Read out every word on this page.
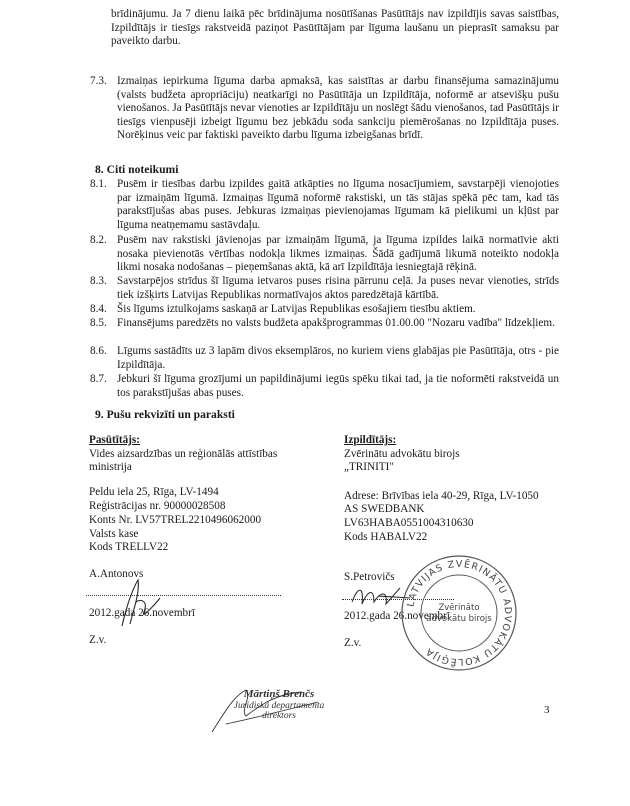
brīdinājumu. Ja 7 dienu laikā pēc brīdinājuma nosūtīšanas Pasūtītājs nav izpildījis savas saistības, Izpildītājs ir tiesīgs rakstveidā paziņot Pasūtītājam par līguma laušanu un pieprasīt samaksu par paveikto darbu.
7.3. Izmaiņas iepirkuma līguma darba apmaksā, kas saistītas ar darbu finansējuma samazinājumu (valsts budžeta apropriāciju) neatkarīgi no Pasūtītāja un Izpildītāja, noformē ar atsevišķu pušu vienošanos. Ja Pasūtītājs nevar vienoties ar Izpildītāju un noslēgt šādu vienošanos, tad Pasūtītājs ir tiesīgs vienpusēji izbeigt līgumu bez jebkādu soda sankciju piemērošanas no Izpildītāja puses. Norēķinus veic par faktiski paveikto darbu līguma izbeigšanas brīdī.
8. Citi noteikumi
8.1. Pusēm ir tiesības darbu izpildes gaitā atkāpties no līguma nosacījumiem, savstarpēji vienojoties par izmaiņām līgumā. Izmaiņas līgumā noformē rakstiski, un tās stājas spēkā pēc tam, kad tās parakstījušas abas puses. Jebkuras izmaiņas pievienojamas līgumam kā pielikumi un kļūst par līguma neatņemamu sastāvdaļu.
8.2. Pusēm nav rakstiski jāvienojas par izmaiņām līgumā, ja līguma izpildes laikā normatīvie akti nosaka pievienotās vērtības nodokļa likmes izmaiņas. Šādā gadījumā likumā noteikto nodokļa likmi nosaka nodošanas – pieņemšanas aktā, kā arī Izpildītāja iesniegtajā rēķinā.
8.3. Savstarpējos strīdus šī līguma ietvaros puses risina pārrunu ceļā. Ja puses nevar vienoties, strīds tiek izšķirts Latvijas Republikas normatīvajos aktos paredzētajā kārtībā.
8.4. Šis līgums iztulkojams saskaņā ar Latvijas Republikas esošajiem tiesību aktiem.
8.5. Finansējums paredzēts no valsts budžeta apakšprogrammas 01.00.00 "Nozaru vadība" līdzekļiem.
8.6. Līgums sastādīts uz 3 lapām divos eksemplāros, no kuriem viens glabājas pie Pasūtītāja, otrs - pie Izpildītāja.
8.7. Jebkuri šī līguma grozījumi un papildinājumi iegūs spēku tikai tad, ja tie noformēti rakstveidā un tos parakstījušas abas puses.
9. Pušu rekvizīti un paraksti
Pasūtītājs:
Vides aizsardzības un reģionālās attīstības
ministrija
Peldu iela 25, Rīga, LV-1494
Reģistrācijas nr. 90000028508
Konts Nr. LV57TREL2210496062000
Valsts kase
Kods TRELLV22
A.Antonovs
2012.gada 26.novembrī
Z.v.
Izpildītājs:
Zvērinātu advokātu birojs
„TRINITI"
Adrese: Brīvības iela 40-29, Rīga, LV-1050
AS SWEDBANK
LV63HABA0551004310630
Kods HABALV22
S.Petrovičs
2012.gada 26.novembrī
Z.v.
LATVIJAS ZVĒRINĀTU ADVOKĀTU KOLĒĢIJA
Zvērināto
advokātu birojs
Mārtiņš Brenčs
Juridiskā departamenta
direktors	3
